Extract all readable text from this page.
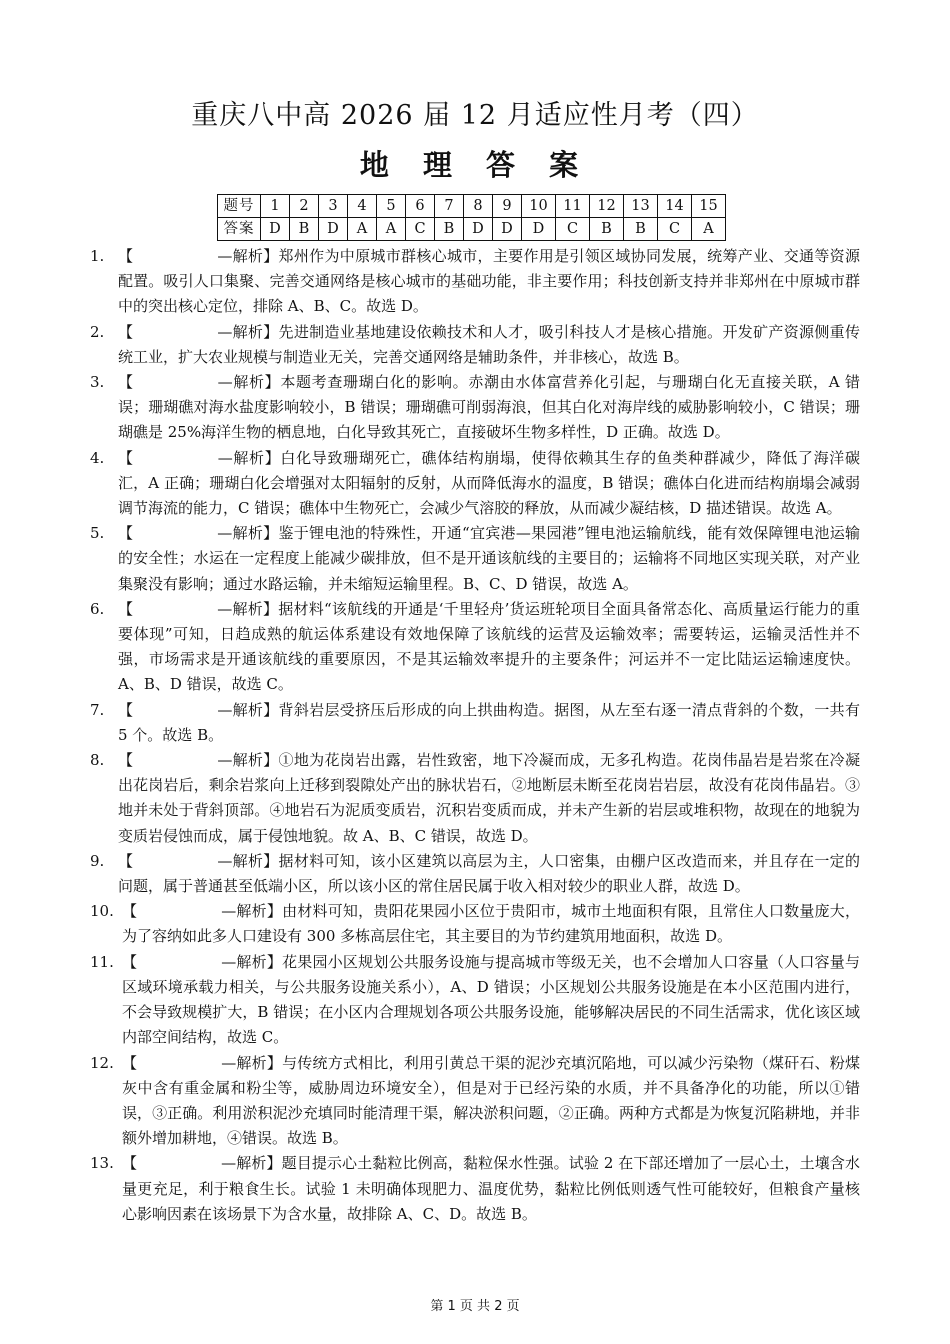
重庆八中高 2026 届 12 月适应性月考（四）
地 理 答 案
题号	1	2	3	4	5	6	7	8	9	10	11	12	13	14	15
答案	D	B	D	A	A	C	B	D	D	D	C	B	B	C	A
1. 【	—解析】郑州作为中原城市群核心城市，主要作用是引领区域协同发展，统筹产业、交通等资源配置。吸引人口集聚、完善交通网络是核心城市的基础功能，非主要作用；科技创新支持并非郑州在中原城市群中的突出核心定位，排除 A、B、C。故选 D。
2. 【	—解析】先进制造业基地建设依赖技术和人才，吸引科技人才是核心措施。开发矿产资源侧重传统工业，扩大农业规模与制造业无关，完善交通网络是辅助条件，并非核心，故选 B。
3. 【	—解析】本题考查珊瑚白化的影响。赤潮由水体富营养化引起，与珊瑚白化无直接关联，A 错误；珊瑚礁对海水盐度影响较小，B 错误；珊瑚礁可削弱海浪，但其白化对海岸线的威胁影响较小，C 错误；珊瑚礁是 25%海洋生物的栖息地，白化导致其死亡，直接破坏生物多样性，D 正确。故选 D。
4. 【	—解析】白化导致珊瑚死亡，礁体结构崩塌，使得依赖其生存的鱼类种群减少，降低了海洋碳汇，A 正确；珊瑚白化会增强对太阳辐射的反射，从而降低海水的温度，B 错误；礁体白化进而结构崩塌会减弱调节海流的能力，C 错误；礁体中生物死亡，会减少气溶胶的释放，从而减少凝结核，D 描述错误。故选 A。
5. 【	—解析】鉴于锂电池的特殊性，开通“宜宾港—果园港”锂电池运输航线，能有效保障锂电池运输的安全性；水运在一定程度上能减少碳排放，但不是开通该航线的主要目的；运输将不同地区实现关联，对产业集聚没有影响；通过水路运输，并未缩短运输里程。B、C、D 错误，故选 A。
6. 【	—解析】据材料“该航线的开通是‘千里轻舟’货运班轮项目全面具备常态化、高质量运行能力的重要体现”可知，日趋成熟的航运体系建设有效地保障了该航线的运营及运输效率；需要转运，运输灵活性并不强，市场需求是开通该航线的重要原因，不是其运输效率提升的主要条件；河运并不一定比陆运运输速度快。A、B、D 错误，故选 C。
7. 【	—解析】背斜岩层受挤压后形成的向上拱曲构造。据图，从左至右逐一清点背斜的个数，一共有 5 个。故选 B。
8. 【	—解析】①地为花岗岩出露，岩性致密，地下冷凝而成，无多孔构造。花岗伟晶岩是岩浆在冷凝出花岗岩后，剩余岩浆向上迁移到裂隙处产出的脉状岩石，②地断层未断至花岗岩岩层，故没有花岗伟晶岩。③地并未处于背斜顶部。④地岩石为泥质变质岩，沉积岩变质而成，并未产生新的岩层或堆积物，故现在的地貌为变质岩侵蚀而成，属于侵蚀地貌。故 A、B、C 错误，故选 D。
9. 【	—解析】据材料可知，该小区建筑以高层为主，人口密集，由棚户区改造而来，并且存在一定的问题，属于普通甚至低端小区，所以该小区的常住居民属于收入相对较少的职业人群，故选 D。
10. 【	—解析】由材料可知，贵阳花果园小区位于贵阳市，城市土地面积有限，且常住人口数量庞大，为了容纳如此多人口建设有 300 多栋高层住宅，其主要目的为节约建筑用地面积，故选 D。
11. 【	—解析】花果园小区规划公共服务设施与提高城市等级无关，也不会增加人口容量（人口容量与区域环境承载力相关，与公共服务设施关系小），A、D 错误；小区规划公共服务设施是在本小区范围内进行，不会导致规模扩大，B 错误；在小区内合理规划各项公共服务设施，能够解决居民的不同生活需求，优化该区域内部空间结构，故选 C。
12. 【	—解析】与传统方式相比，利用引黄总干渠的泥沙充填沉陷地，可以减少污染物（煤矸石、粉煤灰中含有重金属和粉尘等，威胁周边环境安全），但是对于已经污染的水质，并不具备净化的功能，所以①错误，③正确。利用淤积泥沙充填同时能清理干渠，解决淤积问题，②正确。两种方式都是为恢复沉陷耕地，并非额外增加耕地，④错误。故选 B。
13. 【	—解析】题目提示心土黏粒比例高，黏粒保水性强。试验 2 在下部还增加了一层心土，土壤含水量更充足，利于粮食生长。试验 1 未明确体现肥力、温度优势，黏粒比例低则透气性可能较好，但粮食产量核心影响因素在该场景下为含水量，故排除 A、C、D。故选 B。
第 1 页 共 2 页
